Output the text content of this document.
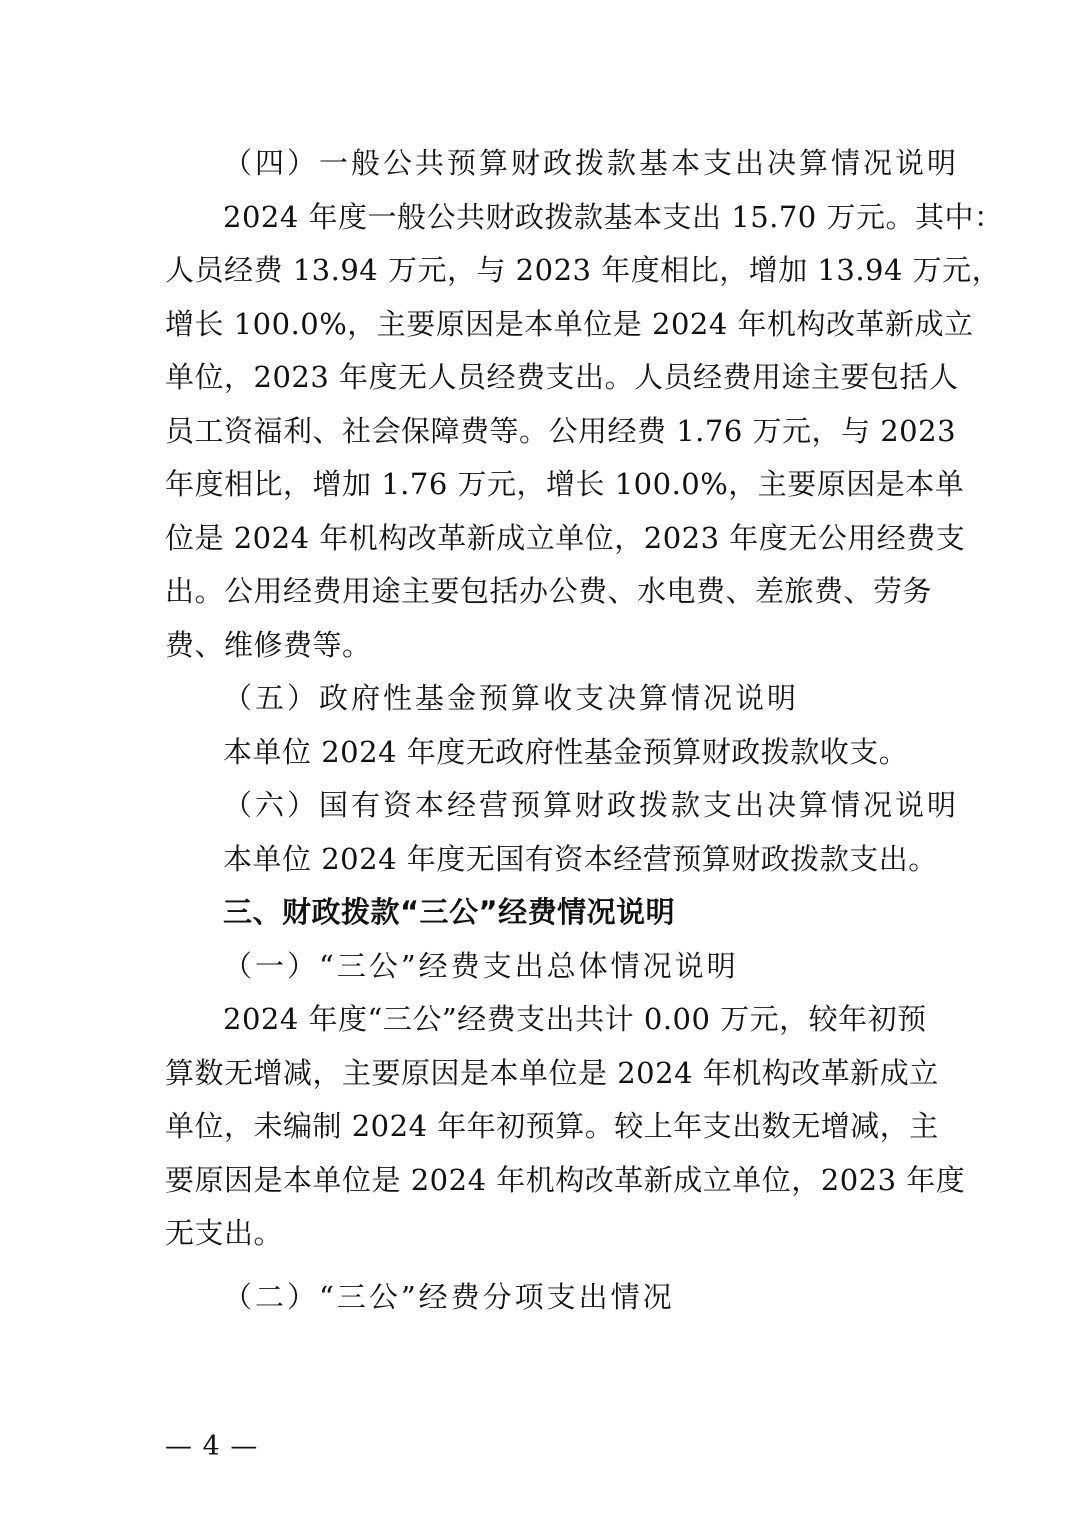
（四）一般公共预算财政拨款基本支出决算情况说明
2024 年度一般公共财政拨款基本支出 15.70 万元。其中：
人员经费 13.94 万元，与 2023 年度相比，增加 13.94 万元，
增长 100.0%，主要原因是本单位是 2024 年机构改革新成立
单位，2023 年度无人员经费支出。人员经费用途主要包括人
员工资福利、社会保障费等。公用经费 1.76 万元，与 2023
年度相比，增加 1.76 万元，增长 100.0%，主要原因是本单
位是 2024 年机构改革新成立单位，2023 年度无公用经费支
出。公用经费用途主要包括办公费、水电费、差旅费、劳务
费、维修费等。
（五）政府性基金预算收支决算情况说明
本单位 2024 年度无政府性基金预算财政拨款收支。
（六）国有资本经营预算财政拨款支出决算情况说明
本单位 2024 年度无国有资本经营预算财政拨款支出。
三、财政拨款“三公”经费情况说明
（一）“三公”经费支出总体情况说明
2024 年度“三公”经费支出共计 0.00 万元，较年初预
算数无增减，主要原因是本单位是 2024 年机构改革新成立
单位，未编制 2024 年年初预算。较上年支出数无增减，主
要原因是本单位是 2024 年机构改革新成立单位，2023 年度
无支出。
（二）“三公”经费分项支出情况
— 4 —
